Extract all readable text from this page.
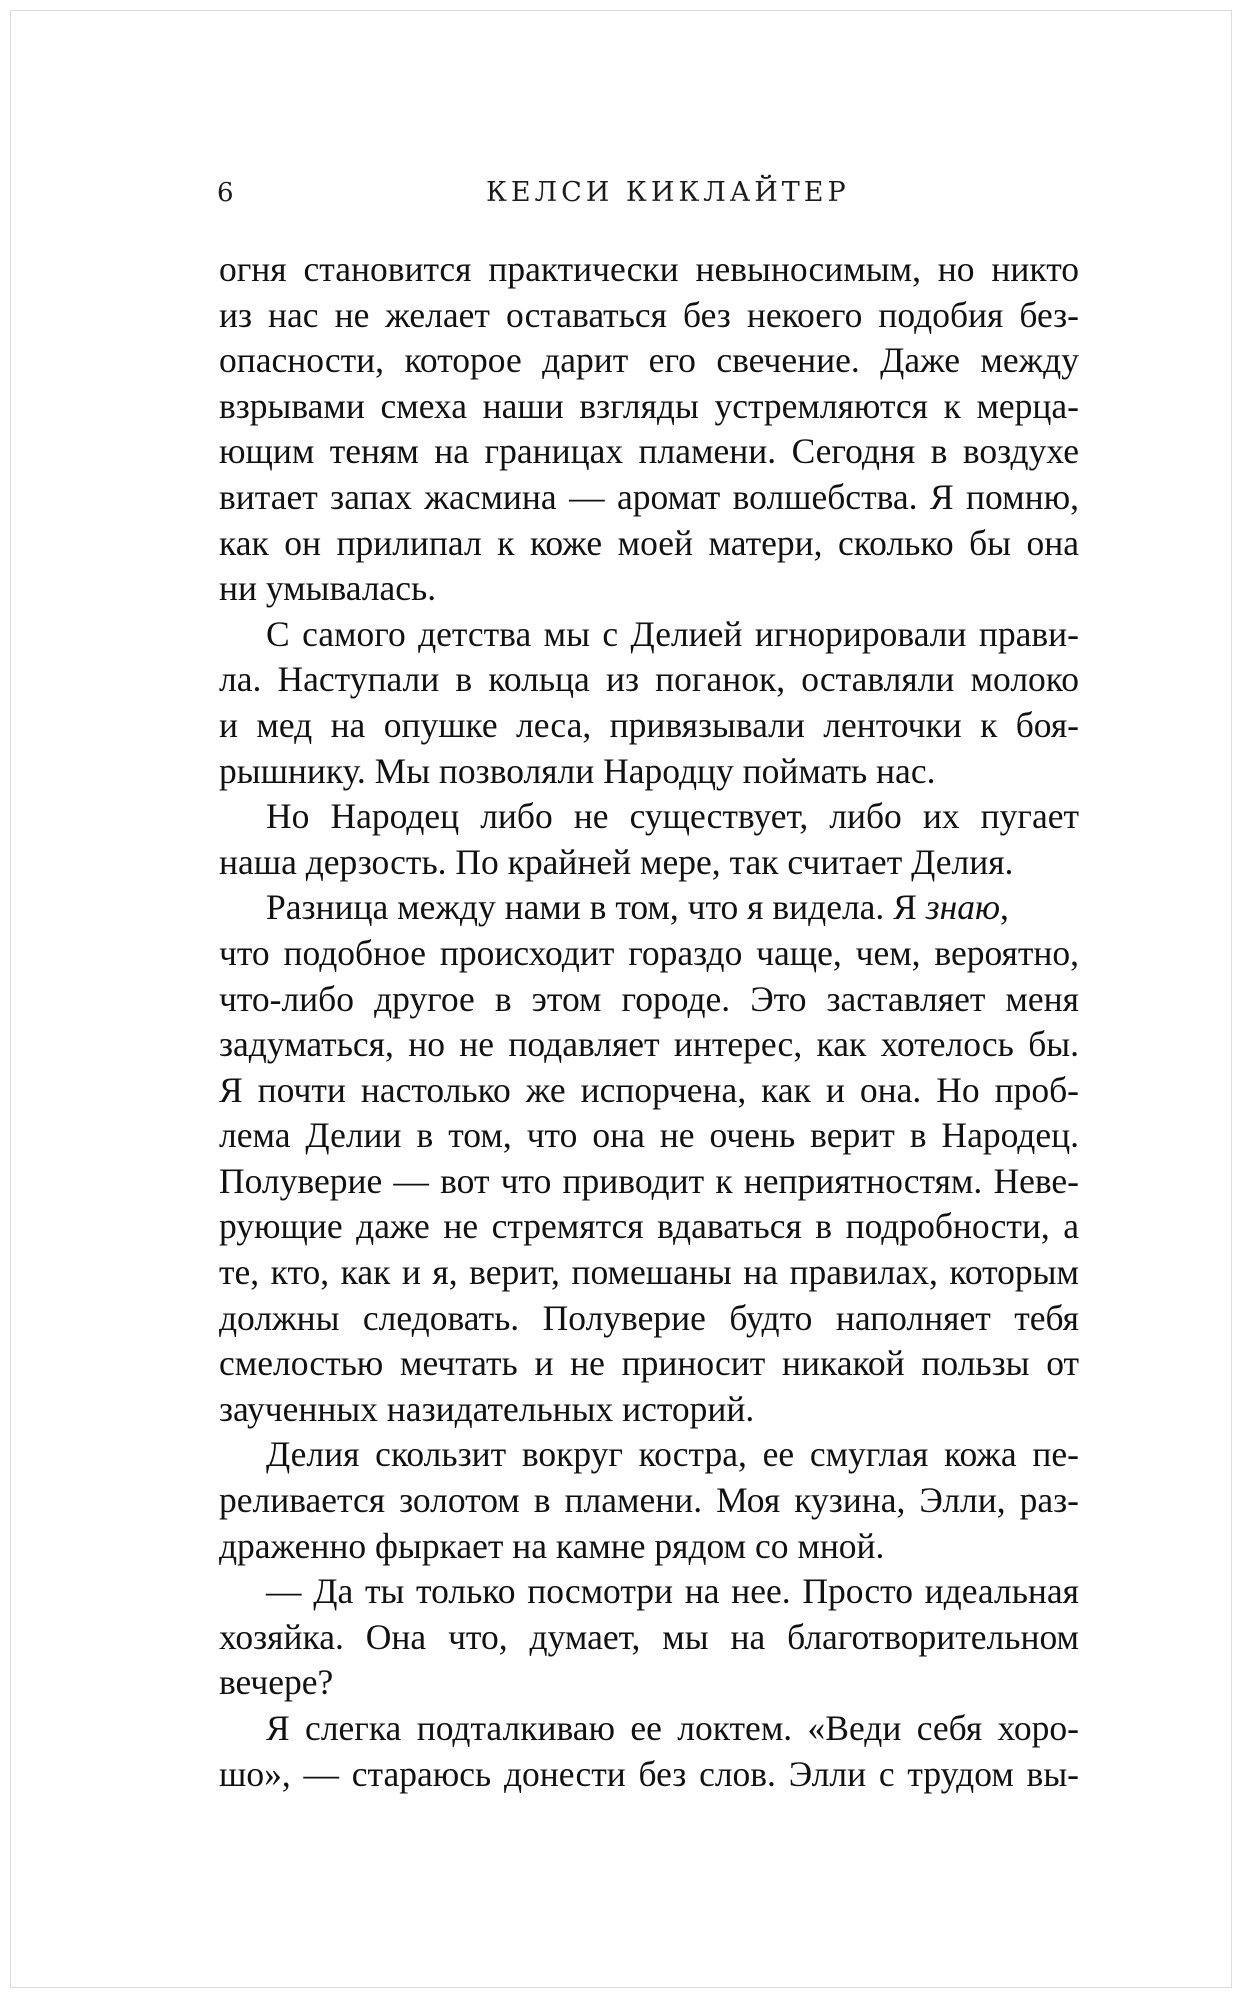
6	КЕЛСИ КИКЛАЙТЕР
огня становится практически невыносимым, но никто
из нас не желает оставаться без некоего подобия без-
опасности, которое дарит его свечение. Даже между
взрывами смеха наши взгляды устремляются к мерца-
ющим теням на границах пламени. Сегодня в воздухе
витает запах жасмина — аромат волшебства. Я помню,
как он прилипал к коже моей матери, сколько бы она
ни умывалась.
С самого детства мы с Делией игнорировали прави-
ла. Наступали в кольца из поганок, оставляли молоко
и мед на опушке леса, привязывали ленточки к боя-
рышнику. Мы позволяли Народцу поймать нас.
Но Народец либо не существует, либо их пугает
наша дерзость. По крайней мере, так считает Делия.
Разница между нами в том, что я видела. Я знаю,
что подобное происходит гораздо чаще, чем, вероятно,
что-либо другое в этом городе. Это заставляет меня
задуматься, но не подавляет интерес, как хотелось бы.
Я почти настолько же испорчена, как и она. Но проб-
лема Делии в том, что она не очень верит в Народец.
Полуверие — вот что приводит к неприятностям. Неве-
рующие даже не стремятся вдаваться в подробности, а
те, кто, как и я, верит, помешаны на правилах, которым
должны следовать. Полуверие будто наполняет тебя
смелостью мечтать и не приносит никакой пользы от
заученных назидательных историй.
Делия скользит вокруг костра, ее смуглая кожа пе-
реливается золотом в пламени. Моя кузина, Элли, раз-
драженно фыркает на камне рядом со мной.
— Да ты только посмотри на нее. Просто идеальная
хозяйка. Она что, думает, мы на благотворительном
вечере?
Я слегка подталкиваю ее локтем. «Веди себя хоро-
шо», — стараюсь донести без слов. Элли с трудом вы-
